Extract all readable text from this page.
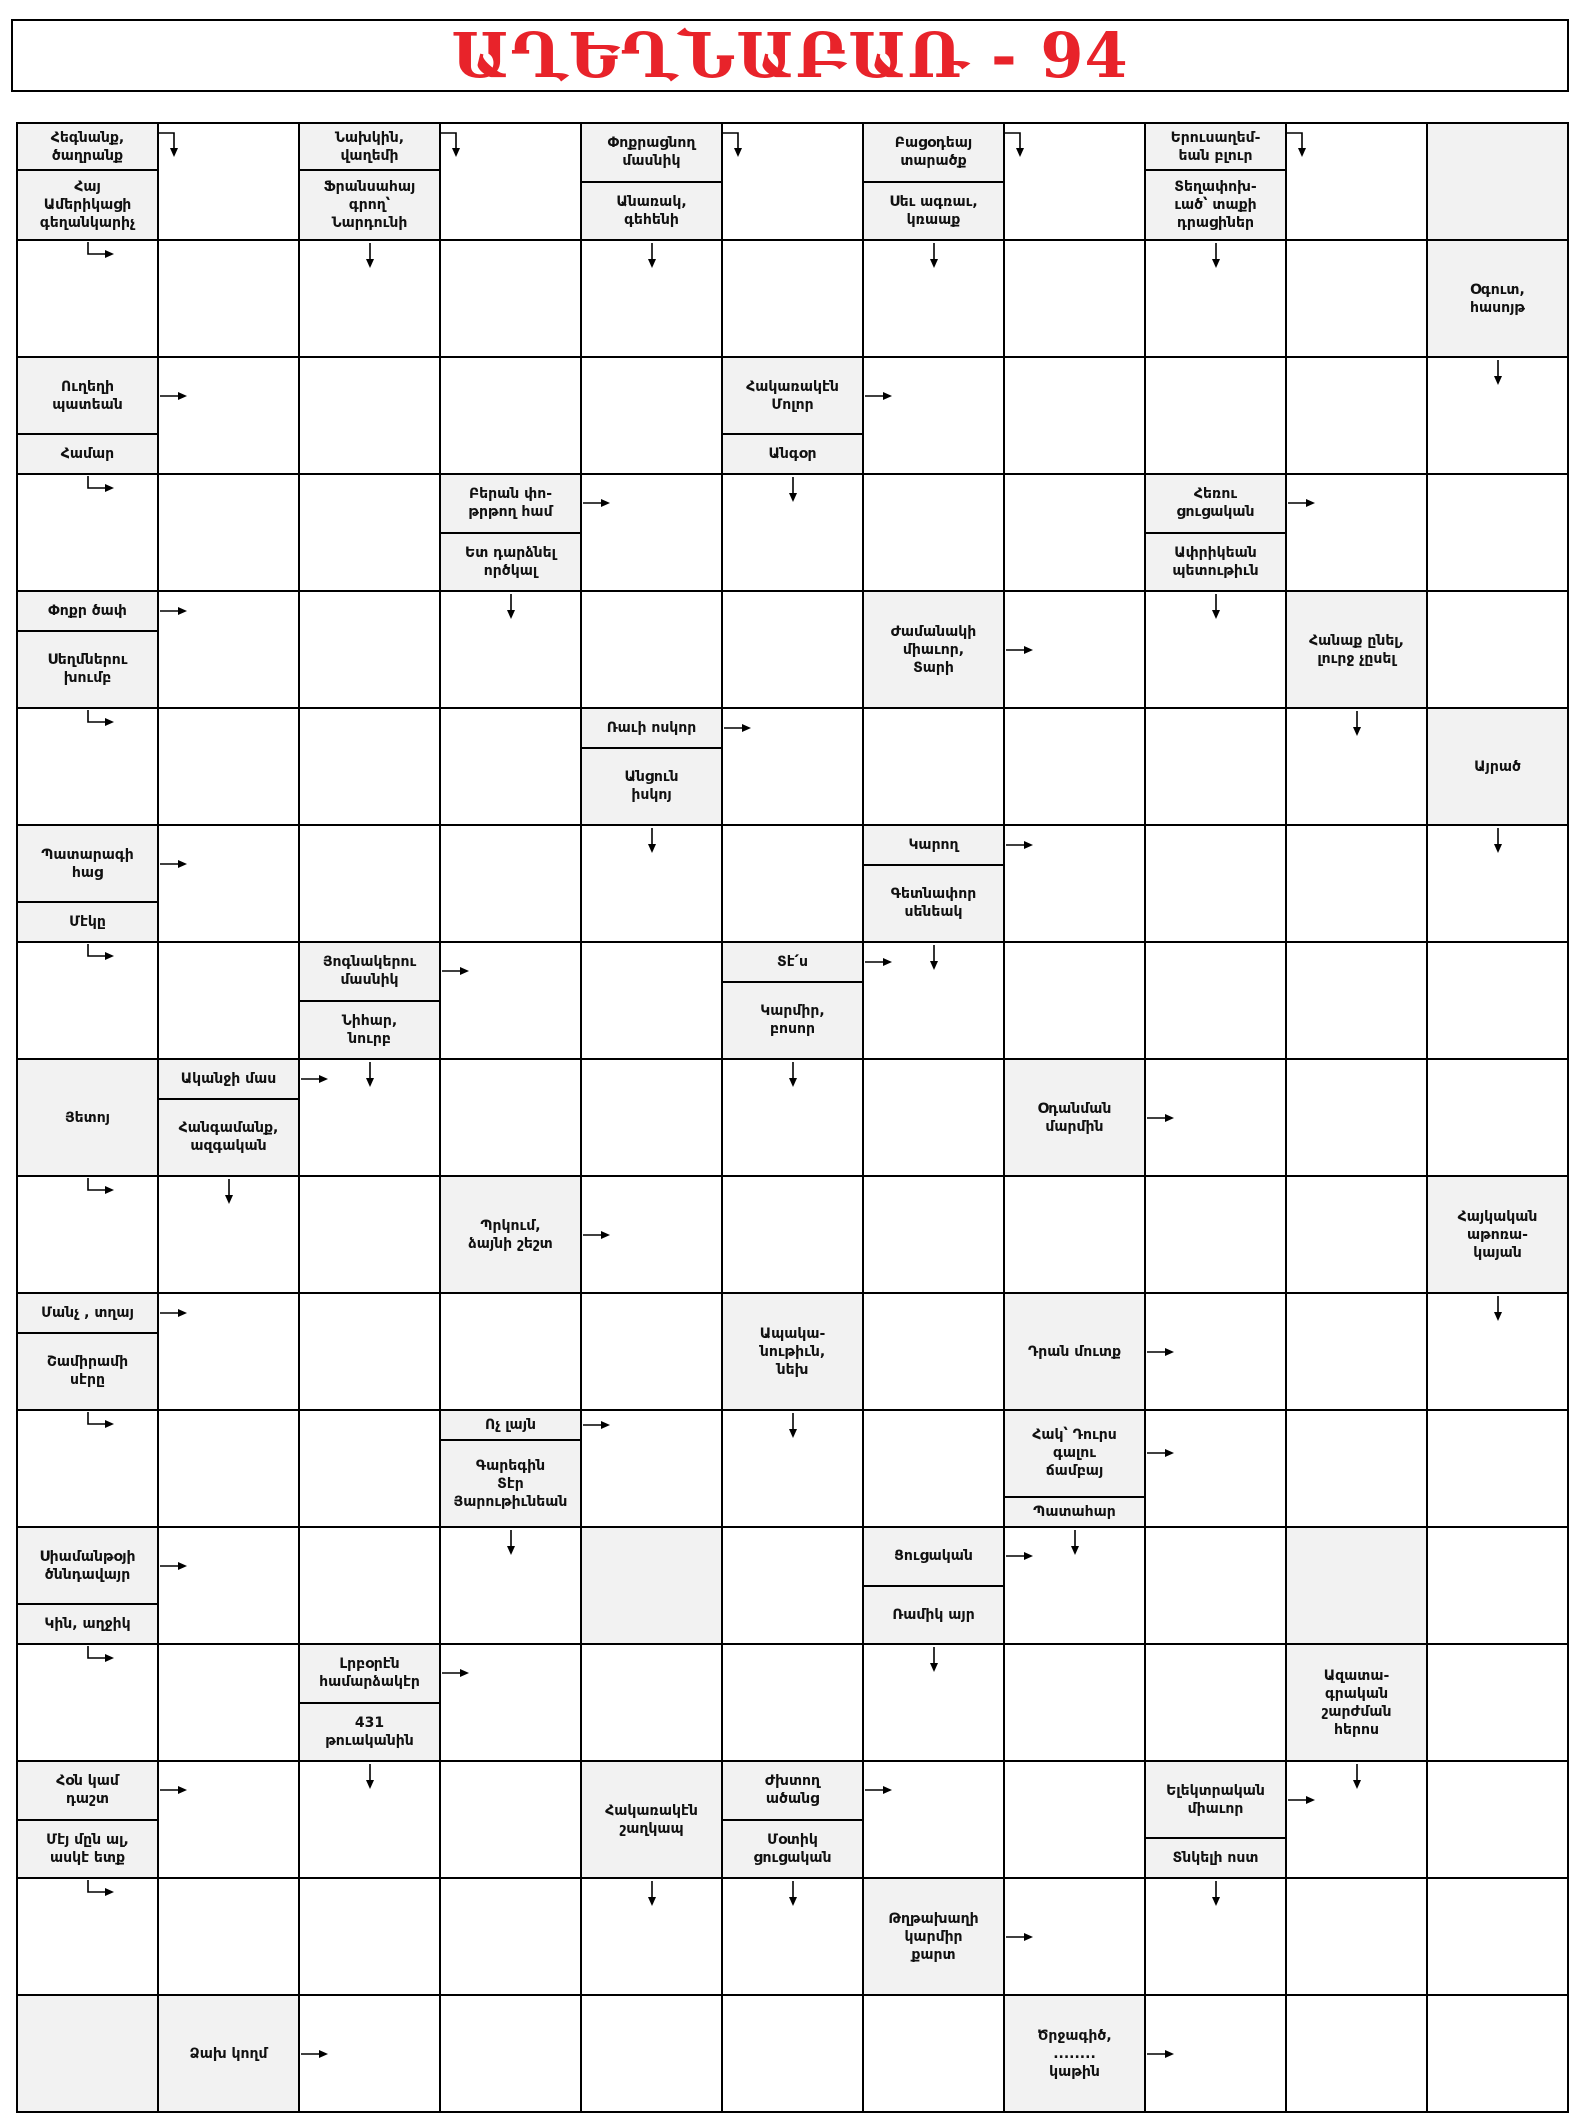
ԱՂԵՂՆԱԲԱՌ - 94
Հեգնանք,
ծաղրանք
Հայ
Ամերիկացի
գեղանկարիչ
Նախկին,
վաղեմի
Ֆրանսահայ
գրող՝
Նարդունի
Փոքրացնող
մասնիկ
Անառակ,
գեհենի
Բացօդեայ
տարածք
Սեւ ագռաւ,
կռաաք
Երուսաղեմ-
եան բլուր
Տեղափոխ-
ւած՝ տաքի
դրացիներ
Օգուտ,
հասոյթ
Ուղեղի
պատեան
Համար
Հակառակէն
Մոլոր
Անգօր
Բերան փո-
թրթող համ
Ետ դարձնել
ործկալ
Հեռու
ցուցական
Ափրիկեան
պետութիւն
Փոքր ծափ
Սեղմներու
խումբ
Ժամանակի
միաւոր,
Տարի
Հանաք ընել,
լուրջ չըսել
Ռաւի ոսկոր
Անցուն
իսկոյ
Այրած
Պատարագի
հաց
Մէկը
Կարող
Գետնափոր
սենեակ
Յոգնակերու
մասնիկ
Նիհար,
նուրբ
Տէ՛ս
Կարմիր,
բոսոր
Յետոյ
Ականջի մաս
Հանգամանք,
ազգական
Օդանման
մարմին
Պրկում,
ձայնի շեշտ
Հայկական
աթոռա-
կայան
Մանչ , տղայ
Շամիրամի
սէրը
Ապակա-
նութիւն,
նեխ
Դրան մուտք
Ոչ լայն
Գարեգին
Տէր
Յարութիւնեան
Հակ՝ Դուրս
գալու
ճամբայ
Պատահար
Սիամանթօյի
ծննդավայր
Կին, աղջիկ
Ցուցական
Ռամիկ այր
Լրբօրէն
համարձակէր
431
թուականին
Ազատա-
գրական
շարժման
հերոս
Հօն կամ
դաշտ
Մէյ մըն ալ,
ասկէ ետք
Հակառակէն
շաղկապ
Ժխտող
ածանց
Մօտիկ
ցուցական
Ելեկտրական
միաւոր
Տնկելի ոստ
Թղթախաղի
կարմիր
քարտ
Ձախ կողմ
Ծրջագիծ,
........
կաթին
